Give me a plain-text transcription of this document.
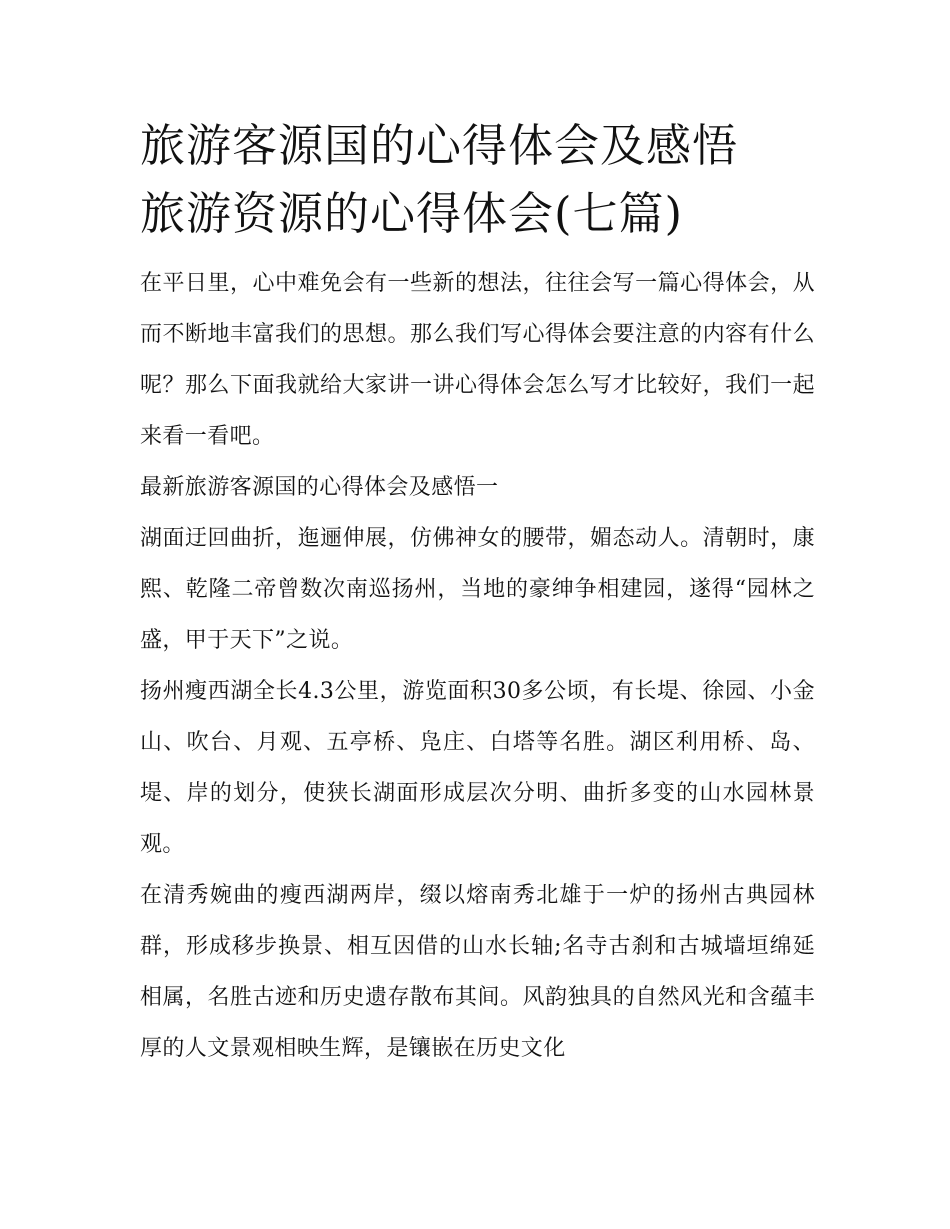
旅游客源国的心得体会及感悟
旅游资源的心得体会(七篇)

在平日里，心中难免会有一些新的想法，往往会写一篇心得体会，从而不断地丰富我们的思想。那么我们写心得体会要注意的内容有什么呢？那么下面我就给大家讲一讲心得体会怎么写才比较好，我们一起来看一看吧。

最新旅游客源国的心得体会及感悟一

湖面迂回曲折，迤逦伸展，仿佛神女的腰带，媚态动人。清朝时，康熙、乾隆二帝曾数次南巡扬州，当地的豪绅争相建园，遂得“园林之盛，甲于天下”之说。

扬州瘦西湖全长4.3公里，游览面积30多公顷，有长堤、徐园、小金山、吹台、月观、五亭桥、凫庄、白塔等名胜。湖区利用桥、岛、堤、岸的划分，使狭长湖面形成层次分明、曲折多变的山水园林景观。

在清秀婉曲的瘦西湖两岸，缀以熔南秀北雄于一炉的扬州古典园林群，形成移步换景、相互因借的山水长轴;名寺古刹和古城墙垣绵延相属，名胜古迹和历史遗存散布其间。风韵独具的自然风光和含蕴丰厚的人文景观相映生辉，是镶嵌在历史文化
